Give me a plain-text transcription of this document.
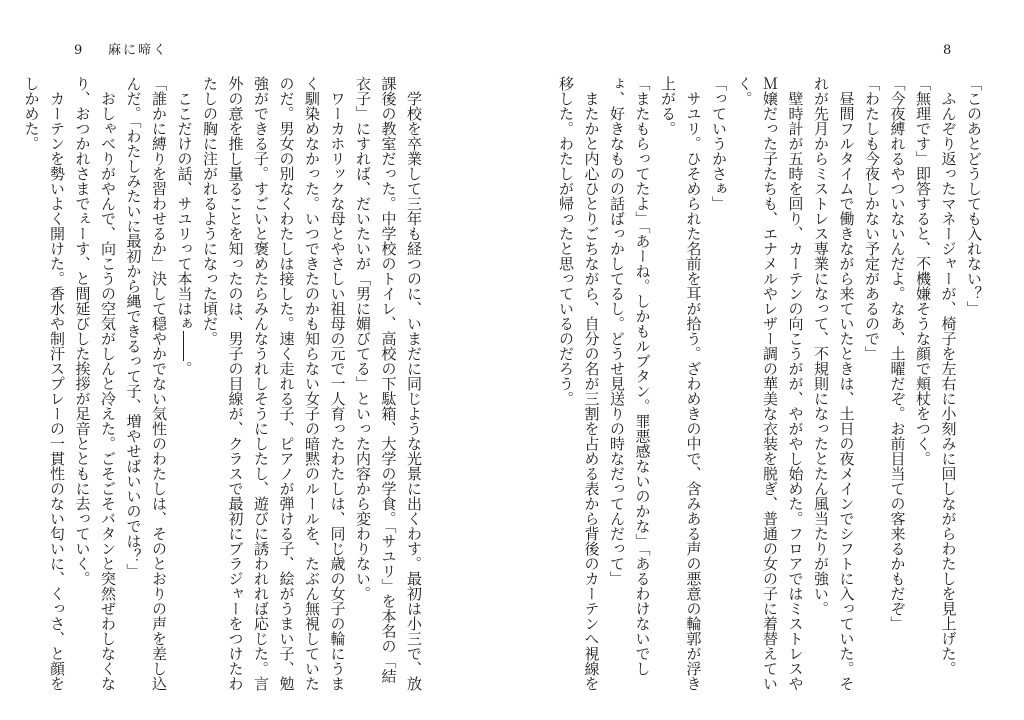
9 麻に啼く

　学校を卒業して三年も経つのに、いまだに同じような光景に出くわす。最初は小三で、放課後の教室だった。中学校のトイレ、高校の下駄箱、大学の学食。「サユリ」を本名の「結衣子」にすれば、だいたいが「男に媚びてる」といった内容から変わりない。

　ワーカホリックな母とやさしい祖母の元で一人育ったわたしは、同じ歳の女子の輪にうまく馴染めなかった。いつできたのかも知らない女子の暗黙のルールを、たぶん無視していたのだ。男女の別なくわたしは接した。速く走れる子、ピアノが弾ける子、絵がうまい子、勉強ができる子。すごいと褒めたらみんなうれしそうにしたし、遊びに誘われれば応じた。言外の意を推し量ることを知ったのは、男子の目線が、クラスで最初にブラジャーをつけたわたしの胸に注がれるようになった頃だ。

　ここだけの話、サユリって本当はぁ――。

「誰かに縛りを習わせるか」決して穏やかでない気性のわたしは、そのとおりの声を差し込んだ。「わたしみたいに最初から縄できるって子、増やせばいいのでは？」

　おしゃべりがやんで、向こうの空気がしんと冷えた。ごそごそバタンと突然ぜわしなくなり、おつかれさまでぇーす、と間延びした挨拶が足音とともに去っていく。

　カーテンを勢いよく開けた。香水や制汗スプレーの一貫性のない匂いに、くっさ、と顔をしかめた。

8

「このあとどうしても入れない？」

　ふんぞり返ったマネージャーが、椅子を左右に小刻みに回しながらわたしを見上げた。「無理です」即答すると、不機嫌そうな顔で頬杖をつく。

「今夜縛れるやついないんだよ。なあ、土曜だぞ。お前目当ての客来るかもだぞ」

「わたしも今夜しかない予定があるので」

　昼間フルタイムで働きながら来ていたときは、土日の夜メインでシフトに入っていた。それが先月からミストレス専業になって、不規則になったとたん風当たりが強い。

　壁時計が五時を回り、カーテンの向こうがが、やがやし始めた。フロアではミストレスやＭ嬢だった子たちも、エナメルやレザー調の華美な衣装を脱ぎ、普通の女の子に着替えていく。

「っていうかさぁ」

　サユリ。ひそめられた名前を耳が拾う。ざわめきの中で、含みある声の悪意の輪郭が浮き上がる。

「またもらってたよ」「あーね。しかもルブタン。罪悪感ないのかな」「あるわけないでしょ、好きなものの話ばっかしてるし。どうせ見送りの時なだってんだって」

　またかと内心ひとりごちながら、自分の名が三割を占める表から背後のカーテンへ視線を移した。わたしが帰ったと思っているのだろう。
